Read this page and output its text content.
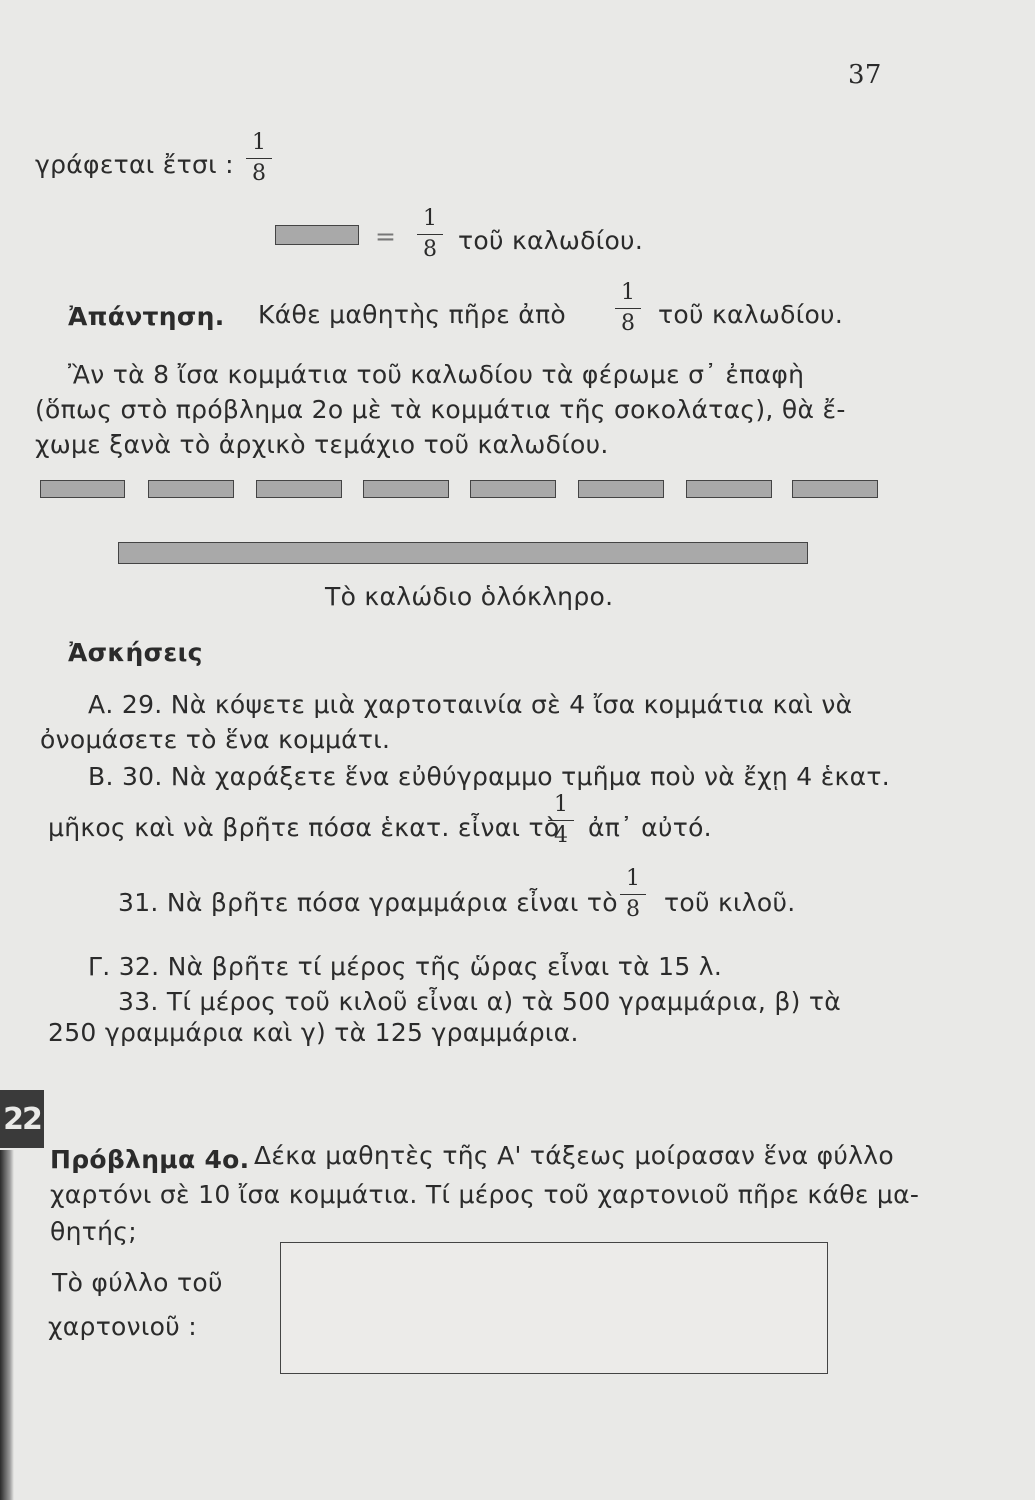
37
γράφεται ἔτσι :
1
8
=
1
8 τοῦ καλωδίου.
Ἀπάντηση. Κάθε μαθητὴς πῆρε ἀπὸ
1
8 τοῦ καλωδίου.
Ἂν τὰ 8 ἴσα κομμάτια τοῦ καλωδίου τὰ φέρωμε σ᾽ ἐπαφὴ
(ὅπως στὸ πρόβλημα 2ο μὲ τὰ κομμάτια τῆς σοκολάτας), θὰ ἔ-
χωμε ξανὰ τὸ ἀρχικὸ τεμάχιο τοῦ καλωδίου.
Τὸ καλώδιο ὁλόκληρο.
Ἀσκήσεις
Α. 29. Νὰ κόψετε μιὰ χαρτοταινία σὲ 4 ἴσα κομμάτια καὶ νὰ
ὀνομάσετε τὸ ἕνα κομμάτι.
Β. 30. Νὰ χαράξετε ἕνα εὐθύγραμμο τμῆμα ποὺ νὰ ἔχῃ 4 ἑκατ.
μῆκος καὶ νὰ βρῆτε πόσα ἑκατ. εἶναι τὸ
1
4 ἀπ᾽ αὐτό.
31. Νὰ βρῆτε πόσα γραμμάρια εἶναι τὸ
1
8 τοῦ κιλοῦ.
Γ. 32. Νὰ βρῆτε τί μέρος τῆς ὥρας εἶναι τὰ 15 λ.
33. Τί μέρος τοῦ κιλοῦ εἶναι α) τὰ 500 γραμμάρια, β) τὰ
250 γραμμάρια καὶ γ) τὰ 125 γραμμάρια.
22
Πρόβλημα 4ο. Δέκα μαθητὲς τῆς Α' τάξεως μοίρασαν ἕνα φύλλο
χαρτόνι σὲ 10 ἴσα κομμάτια. Τί μέρος τοῦ χαρτονιοῦ πῆρε κάθε μα-
θητής;
Τὸ φύλλο τοῦ
χαρτονιοῦ :
